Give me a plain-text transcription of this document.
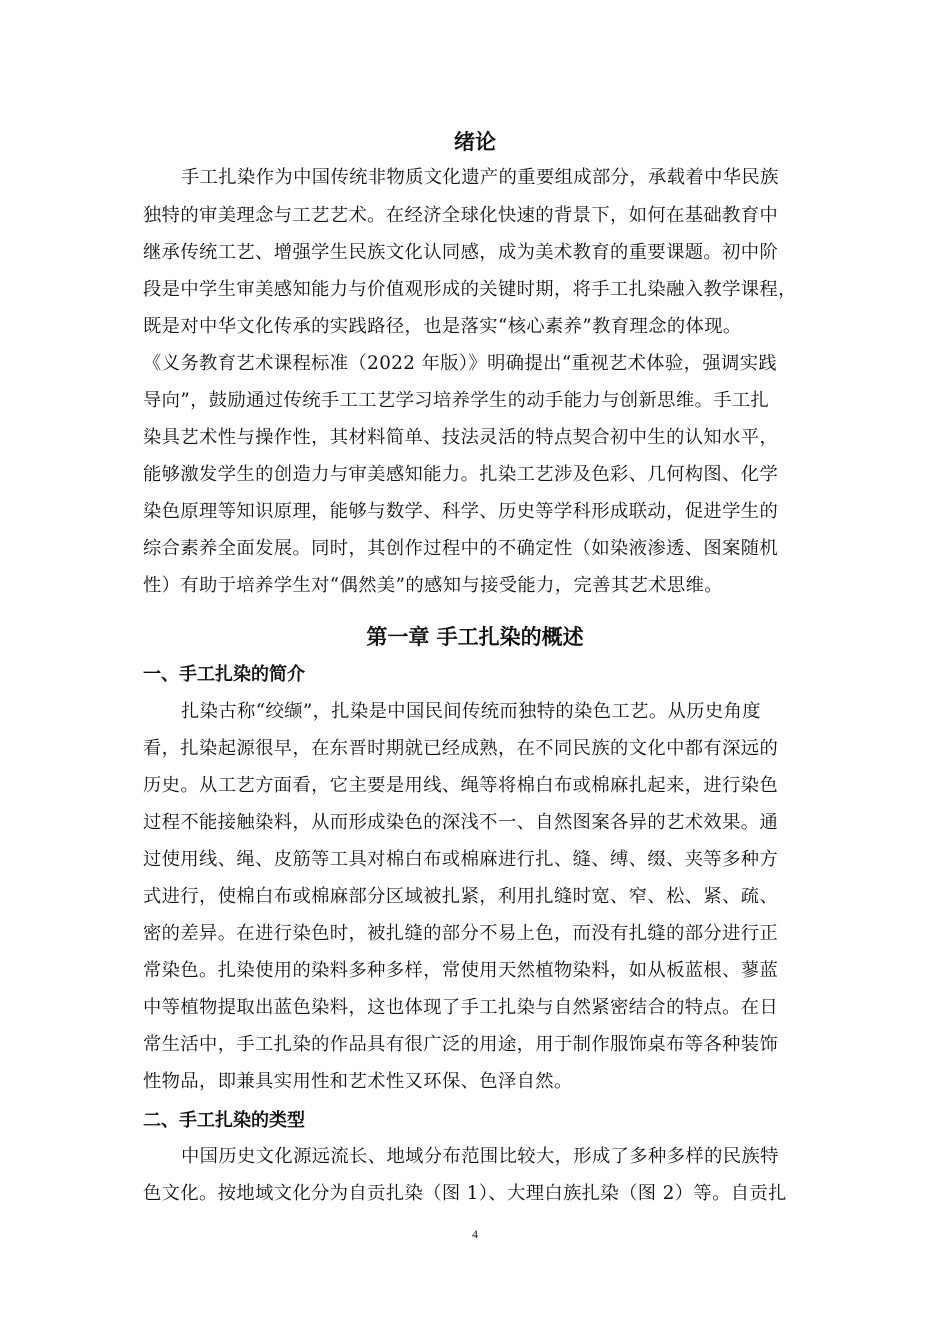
绪论
手工扎染作为中国传统非物质文化遗产的重要组成部分，承载着中华民族
独特的审美理念与工艺艺术。在经济全球化快速的背景下，如何在基础教育中
继承传统工艺、增强学生民族文化认同感，成为美术教育的重要课题。初中阶
段是中学生审美感知能力与价值观形成的关键时期，将手工扎染融入教学课程，
既是对中华文化传承的实践路径，也是落实“核心素养”教育理念的体现。
《义务教育艺术课程标准（2022 年版）》明确提出“重视艺术体验，强调实践
导向”，鼓励通过传统手工工艺学习培养学生的动手能力与创新思维。手工扎
染具艺术性与操作性，其材料简单、技法灵活的特点契合初中生的认知水平，
能够激发学生的创造力与审美感知能力。扎染工艺涉及色彩、几何构图、化学
染色原理等知识原理，能够与数学、科学、历史等学科形成联动，促进学生的
综合素养全面发展。同时，其创作过程中的不确定性（如染液渗透、图案随机
性）有助于培养学生对“偶然美”的感知与接受能力，完善其艺术思维。
第一章 手工扎染的概述
一、手工扎染的简介
扎染古称“绞缬”，扎染是中国民间传统而独特的染色工艺。从历史角度
看，扎染起源很早，在东晋时期就已经成熟，在不同民族的文化中都有深远的
历史。从工艺方面看，它主要是用线、绳等将棉白布或棉麻扎起来，进行染色
过程不能接触染料，从而形成染色的深浅不一、自然图案各异的艺术效果。通
过使用线、绳、皮筋等工具对棉白布或棉麻进行扎、缝、缚、缀、夹等多种方
式进行，使棉白布或棉麻部分区域被扎紧，利用扎缝时宽、窄、松、紧、疏、
密的差异。在进行染色时，被扎缝的部分不易上色，而没有扎缝的部分进行正
常染色。扎染使用的染料多种多样，常使用天然植物染料，如从板蓝根、蓼蓝
中等植物提取出蓝色染料，这也体现了手工扎染与自然紧密结合的特点。在日
常生活中，手工扎染的作品具有很广泛的用途，用于制作服饰桌布等各种装饰
性物品，即兼具实用性和艺术性又环保、色泽自然。
二、手工扎染的类型
中国历史文化源远流长、地域分布范围比较大，形成了多种多样的民族特
色文化。按地域文化分为自贡扎染（图 1）、大理白族扎染（图 2）等。自贡扎
4
